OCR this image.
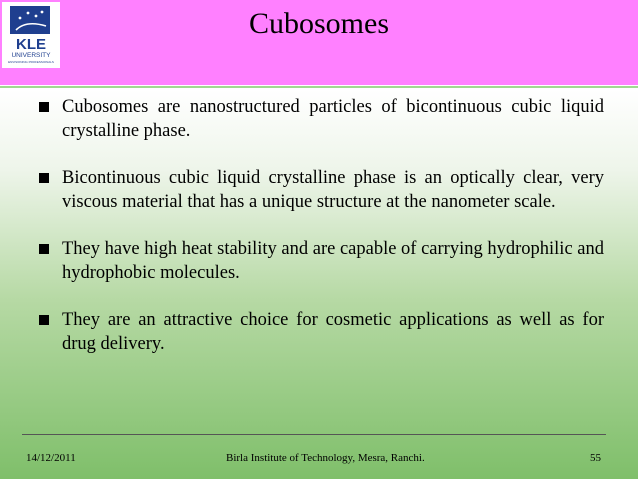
KLE
UNIVERSITY
ENVISIONING PROFESSIONALS
Cubosomes
Cubosomes are nanostructured particles of bicontinuous cubic liquid crystalline phase.
Bicontinuous cubic liquid crystalline phase is an optically clear, very viscous material that has a unique structure at the nanometer scale.
They have high heat stability and are capable of carrying hydrophilic and hydrophobic molecules.
They are an attractive choice for cosmetic applications as well as for drug delivery.
14/12/2011	Birla Institute of Technology, Mesra, Ranchi.	55
